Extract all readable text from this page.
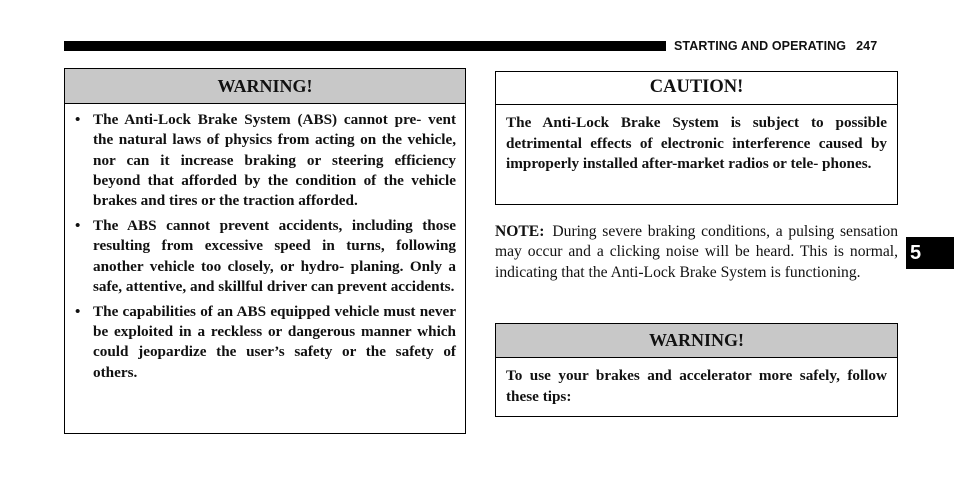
STARTING AND OPERATING 247
WARNING!
• The Anti-Lock Brake System (ABS) cannot pre- vent the natural laws of physics from acting on the vehicle, nor can it increase braking or steering efficiency beyond that afforded by the condition of the vehicle brakes and tires or the traction afforded.
• The ABS cannot prevent accidents, including those resulting from excessive speed in turns, following another vehicle too closely, or hydro- planing. Only a safe, attentive, and skillful driver can prevent accidents.
• The capabilities of an ABS equipped vehicle must never be exploited in a reckless or dangerous manner which could jeopardize the user’s safety or the safety of others.
CAUTION!
The Anti-Lock Brake System is subject to possible detrimental effects of electronic interference caused by improperly installed after-market radios or tele- phones.
NOTE: During severe braking conditions, a pulsing sensation may occur and a clicking noise will be heard. This is normal, indicating that the Anti-Lock Brake System is functioning.
WARNING!
To use your brakes and accelerator more safely, follow these tips:
5
